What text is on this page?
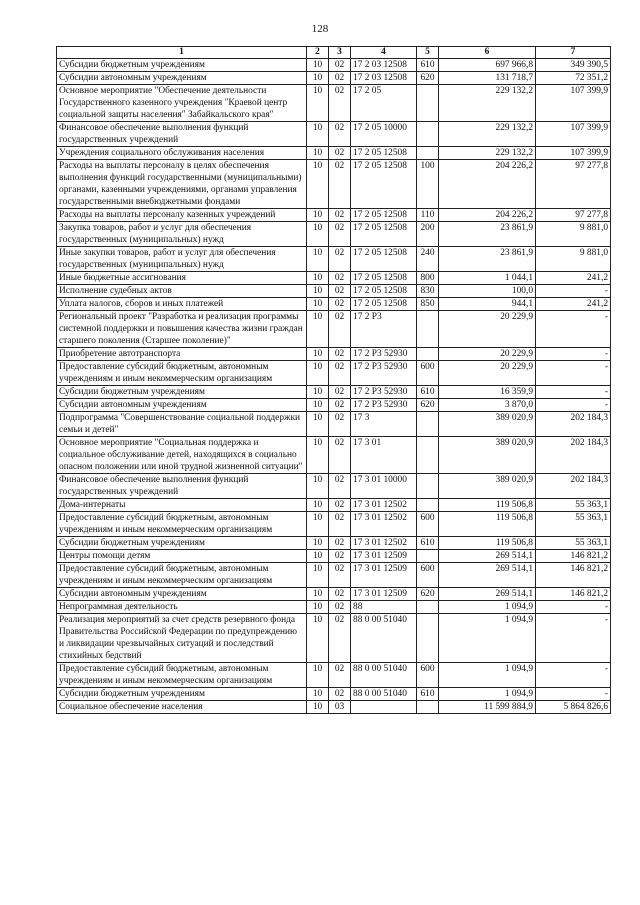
128
1	2	3	4	5	6	7
Субсидии бюджетным учреждениям	10	02	17 2 03 12508	610	697 966,8	349 390,5
Субсидии автономным учреждениям	10	02	17 2 03 12508	620	131 718,7	72 351,2
Основное мероприятие "Обеспечение деятельности Государственного казенного учреждения "Краевой центр социальной защиты населения" Забайкальского края"	10	02	17 2 05		229 132,2	107 399,9
Финансовое обеспечение выполнения функций государственных учреждений	10	02	17 2 05 10000		229 132,2	107 399,9
Учреждения социального обслуживания населения	10	02	17 2 05 12508		229 132,2	107 399,9
Расходы на выплаты персоналу в целях обеспечения выполнения функций государственными (муниципальными) органами, казенными учреждениями, органами управления государственными внебюджетными фондами	10	02	17 2 05 12508	100	204 226,2	97 277,8
Расходы на выплаты персоналу казенных учреждений	10	02	17 2 05 12508	110	204 226,2	97 277,8
Закупка товаров, работ и услуг для обеспечения государственных (муниципальных) нужд	10	02	17 2 05 12508	200	23 861,9	9 881,0
Иные закупки товаров, работ и услуг для обеспечения государственных (муниципальных) нужд	10	02	17 2 05 12508	240	23 861,9	9 881,0
Иные бюджетные ассигнования	10	02	17 2 05 12508	800	1 044,1	241,2
Исполнение судебных актов	10	02	17 2 05 12508	830	100,0	-
Уплата налогов, сборов и иных платежей	10	02	17 2 05 12508	850	944,1	241,2
Региональный проект "Разработка и реализация программы системной поддержки и повышения качества жизни граждан старшего поколения (Старшее поколение)"	10	02	17 2 P3		20 229,9	-
Приобретение автотранспорта	10	02	17 2 P3 52930		20 229,9	-
Предоставление субсидий бюджетным, автономным учреждениям и иным некоммерческим организациям	10	02	17 2 P3 52930	600	20 229,9	-
Субсидии бюджетным учреждениям	10	02	17 2 P3 52930	610	16 359,9	-
Субсидии автономным учреждениям	10	02	17 2 P3 52930	620	3 870,0	-
Подпрограмма "Совершенствование социальной поддержки семьи и детей"	10	02	17 3		389 020,9	202 184,3
Основное мероприятие "Социальная поддержка и социальное обслуживание детей, находящихся в социально опасном положении или иной трудной жизненной ситуации"	10	02	17 3 01		389 020,9	202 184,3
Финансовое обеспечение выполнения функций государственных учреждений	10	02	17 3 01 10000		389 020,9	202 184,3
Дома-интернаты	10	02	17 3 01 12502		119 506,8	55 363,1
Предоставление субсидий бюджетным, автономным учреждениям и иным некоммерческим организациям	10	02	17 3 01 12502	600	119 506,8	55 363,1
Субсидии бюджетным учреждениям	10	02	17 3 01 12502	610	119 506,8	55 363,1
Центры помощи детям	10	02	17 3 01 12509		269 514,1	146 821,2
Предоставление субсидий бюджетным, автономным учреждениям и иным некоммерческим организациям	10	02	17 3 01 12509	600	269 514,1	146 821,2
Субсидии автономным учреждениям	10	02	17 3 01 12509	620	269 514,1	146 821,2
Непрограммная деятельность	10	02	88		1 094,9	-
Реализация мероприятий за счет средств резервного фонда Правительства Российской Федерации по предупреждению и ликвидации чрезвычайных ситуаций и последствий стихийных бедствий	10	02	88 0 00 51040		1 094,9	-
Предоставление субсидий бюджетным, автономным учреждениям и иным некоммерческим организациям	10	02	88 0 00 51040	600	1 094,9	-
Субсидии бюджетным учреждениям	10	02	88 0 00 51040	610	1 094,9	-
Социальное обеспечение населения	10	03			11 599 884,9	5 864 826,6
